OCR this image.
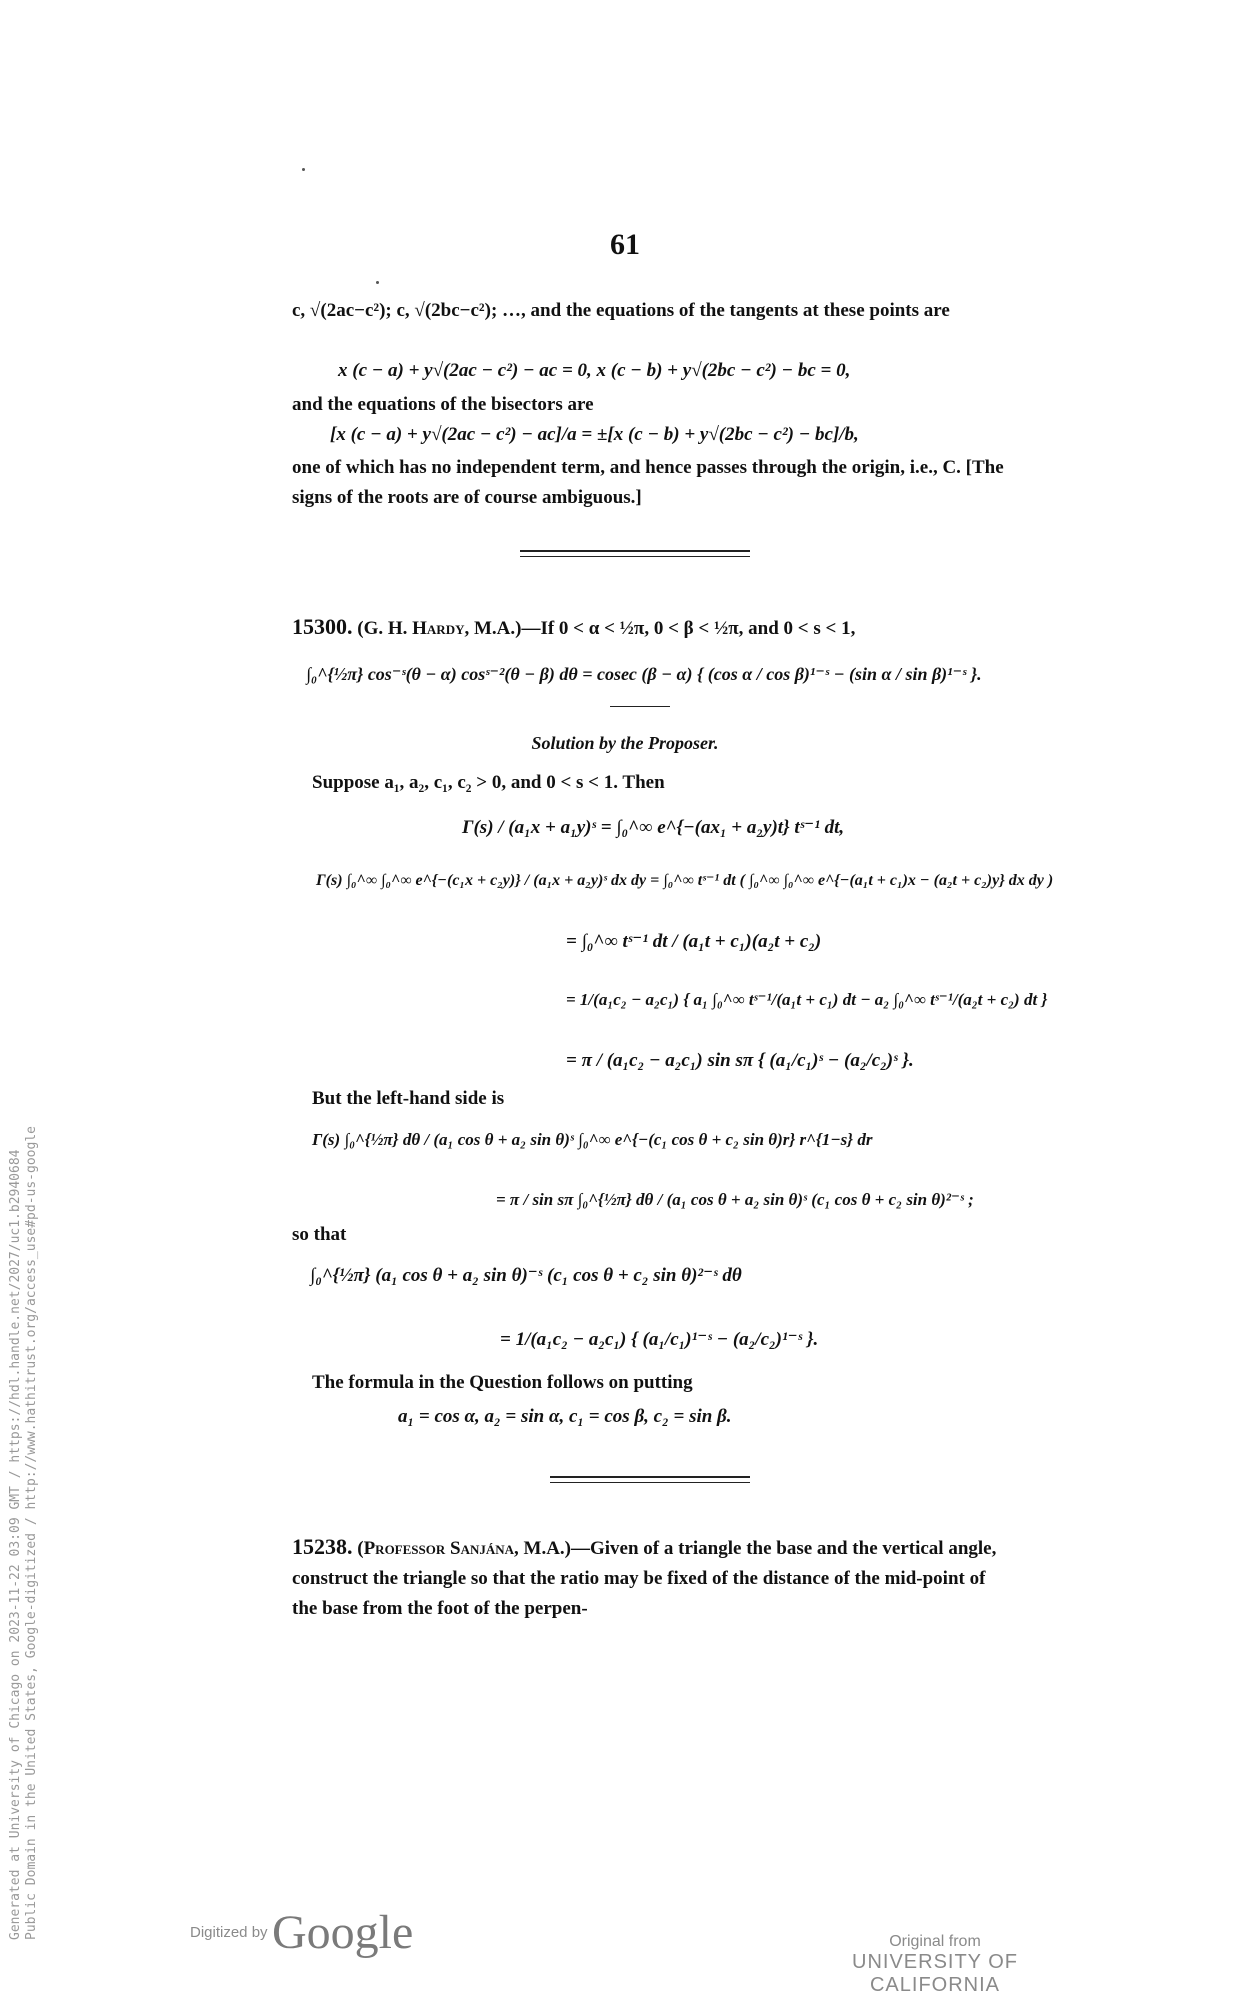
61
c, √(2ac−c²); c, √(2bc−c²); …, and the equations of the tangents at these points are
x (c − a) + y√(2ac − c²) − ac = 0, x (c − b) + y√(2bc − c²) − bc = 0,
and the equations of the bisectors are
[x (c − a) + y√(2ac − c²) − ac]/a = ±[x (c − b) + y√(2bc − c²) − bc]/b,
one of which has no independent term, and hence passes through the origin, i.e., C. [The signs of the roots are of course ambiguous.]
15300. (G. H. Hardy, M.A.)—If 0 < α < ½π, 0 < β < ½π, and 0 < s < 1,
∫₀^{½π} cos⁻ˢ(θ − α) cosˢ⁻²(θ − β) dθ = cosec (β − α) { (cos α / cos β)¹⁻ˢ − (sin α / sin β)¹⁻ˢ }.
Solution by the Proposer.
Suppose a₁, a₂, c₁, c₂ > 0, and 0 < s < 1. Then
Γ(s) / (a₁x + a₁y)ˢ = ∫₀^∞ e^{−(ax₁ + a₂y)t} tˢ⁻¹ dt,
Γ(s) ∫₀^∞ ∫₀^∞ e^{−(c₁x + c₂y)} / (a₁x + a₂y)ˢ dx dy = ∫₀^∞ tˢ⁻¹ dt ( ∫₀^∞ ∫₀^∞ e^{−(a₁t + c₁)x − (a₂t + c₂)y} dx dy )
= ∫₀^∞ tˢ⁻¹ dt / (a₁t + c₁)(a₂t + c₂)
= 1/(a₁c₂ − a₂c₁) { a₁ ∫₀^∞ tˢ⁻¹/(a₁t + c₁) dt − a₂ ∫₀^∞ tˢ⁻¹/(a₂t + c₂) dt }
= π / (a₁c₂ − a₂c₁) sin sπ { (a₁/c₁)ˢ − (a₂/c₂)ˢ }.
But the left-hand side is
Γ(s) ∫₀^{½π} dθ / (a₁ cos θ + a₂ sin θ)ˢ ∫₀^∞ e^{−(c₁ cos θ + c₂ sin θ)r} r^{1−s} dr
= π / sin sπ ∫₀^{½π} dθ / (a₁ cos θ + a₂ sin θ)ˢ (c₁ cos θ + c₂ sin θ)²⁻ˢ ;
so that
∫₀^{½π} (a₁ cos θ + a₂ sin θ)⁻ˢ (c₁ cos θ + c₂ sin θ)²⁻ˢ dθ
= 1/(a₁c₂ − a₂c₁) { (a₁/c₁)¹⁻ˢ − (a₂/c₂)¹⁻ˢ }.
The formula in the Question follows on putting
a₁ = cos α, a₂ = sin α, c₁ = cos β, c₂ = sin β.
15238. (Professor Sanjána, M.A.)—Given of a triangle the base and the vertical angle, construct the triangle so that the ratio may be fixed of the distance of the mid-point of the base from the foot of the perpen-
Generated at University of Chicago on 2023-11-22 03:09 GMT / https://hdl.handle.net/2027/uc1.b2940684 Public Domain in the United States, Google-digitized / http://www.hathitrust.org/access_use#pd-us-google	Digitized by Google	Original from
UNIVERSITY OF CALIFORNIA
